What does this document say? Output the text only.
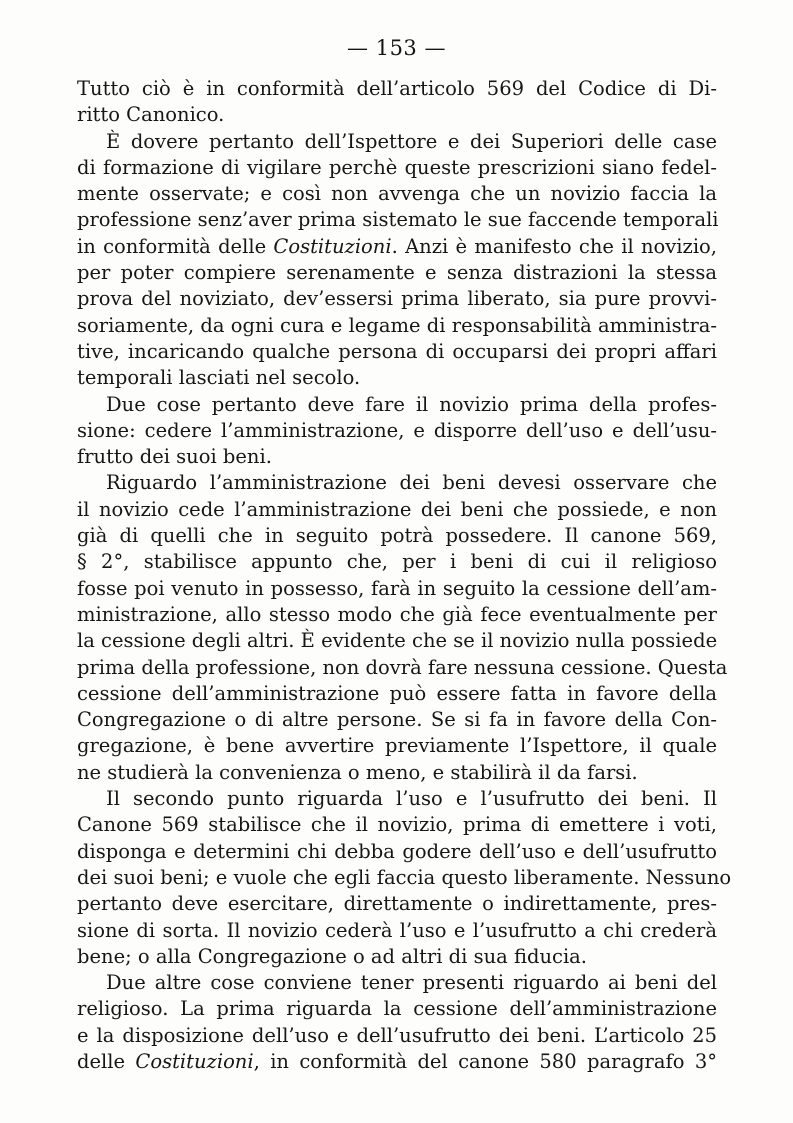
— 153 —
Tutto ciò è in conformità dell’articolo 569 del Codice di Di-
ritto Canonico.
È dovere pertanto dell’Ispettore e dei Superiori delle case
di formazione di vigilare perchè queste prescrizioni siano fedel-
mente osservate; e così non avvenga che un novizio faccia la
professione senz’aver prima sistemato le sue faccende temporali
in conformità delle Costituzioni. Anzi è manifesto che il novizio,
per poter compiere serenamente e senza distrazioni la stessa
prova del noviziato, dev’essersi prima liberato, sia pure provvi-
soriamente, da ogni cura e legame di responsabilità amministra-
tive, incaricando qualche persona di occuparsi dei propri affari
temporali lasciati nel secolo.
Due cose pertanto deve fare il novizio prima della profes-
sione: cedere l’amministrazione, e disporre dell’uso e dell’usu-
frutto dei suoi beni.
Riguardo l’amministrazione dei beni devesi osservare che
il novizio cede l’amministrazione dei beni che possiede, e non
già di quelli che in seguito potrà possedere. Il canone 569,
§ 2°, stabilisce appunto che, per i beni di cui il religioso
fosse poi venuto in possesso, farà in seguito la cessione dell’am-
ministrazione, allo stesso modo che già fece eventualmente per
la cessione degli altri. È evidente che se il novizio nulla possiede
prima della professione, non dovrà fare nessuna cessione. Questa
cessione dell’amministrazione può essere fatta in favore della
Congregazione o di altre persone. Se si fa in favore della Con-
gregazione, è bene avvertire previamente l’Ispettore, il quale
ne studierà la convenienza o meno, e stabilirà il da farsi.
Il secondo punto riguarda l’uso e l’usufrutto dei beni. Il
Canone 569 stabilisce che il novizio, prima di emettere i voti,
disponga e determini chi debba godere dell’uso e dell’usufrutto
dei suoi beni; e vuole che egli faccia questo liberamente. Nessuno
pertanto deve esercitare, direttamente o indirettamente, pres-
sione di sorta. Il novizio cederà l’uso e l’usufrutto a chi crederà
bene; o alla Congregazione o ad altri di sua fiducia.
Due altre cose conviene tener presenti riguardo ai beni del
religioso. La prima riguarda la cessione dell’amministrazione
e la disposizione dell’uso e dell’usufrutto dei beni. L’articolo 25
delle Costituzioni, in conformità del canone 580 paragrafo 3°
